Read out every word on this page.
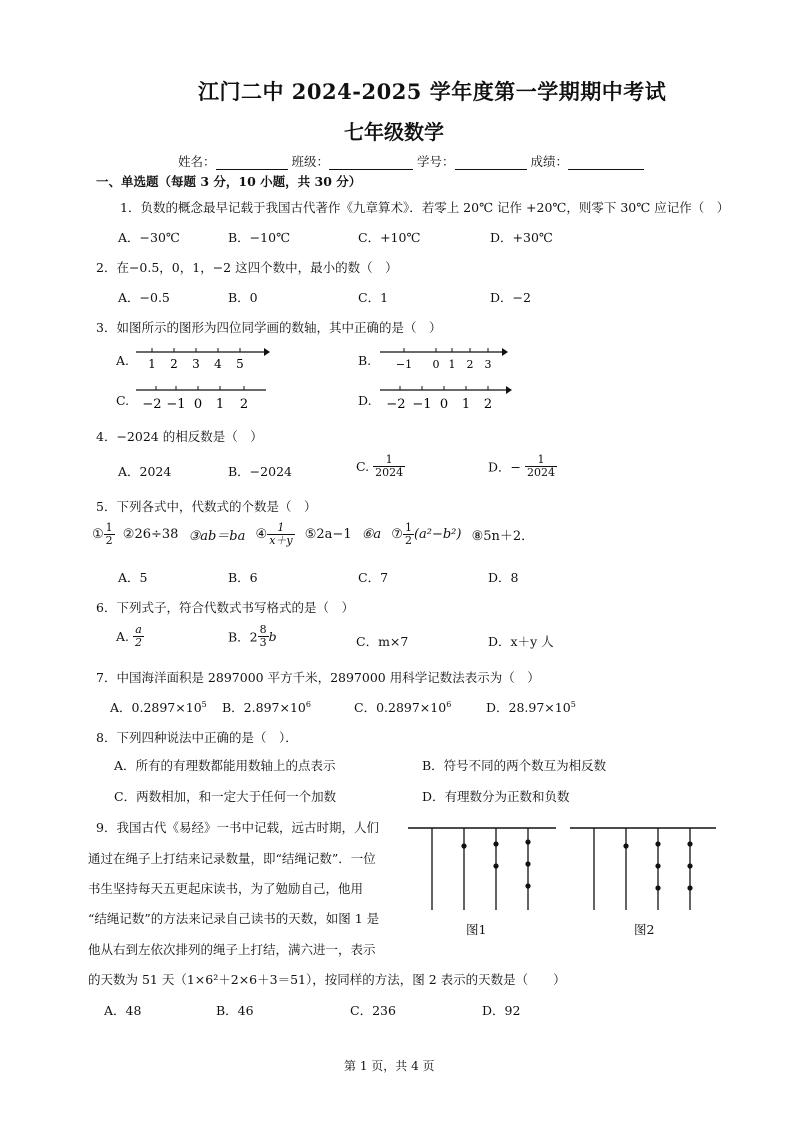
江门二中 2024-2025 学年度第一学期期中考试
七年级数学
姓名：	班级：	学号：	成绩：
一、单选题（每题 3 分，10 小题，共 30 分）
1．负数的概念最早记载于我国古代著作《九章算术》．若零上 20℃ 记作 +20℃，则零下 30℃ 应记作（　）
A．−30℃	B．−10℃	C．+10℃	D．+30℃
2．在−0.5，0，1，−2 这四个数中，最小的数（　）
A．−0.5	B．0	C．1	D．−2
3．如图所示的图形为四位同学画的数轴，其中正确的是（　）
A. 1 2 3 4 5	B. −1 0 1 2 3
C. −2 −1 0 1 2	D. −2 −1 0 1 2
4．−2024 的相反数是（　）
A．2024	B．−2024	C. $\frac{1}{2024}$	D．− $\frac{1}{2024}$
5．下列各式中，代数式的个数是（　）
① $\frac{1}{2}$ ②26÷38 ③ab＝ba ④ $\frac{1}{x+y}$ ⑤2a−1 ⑥a ⑦ $\frac{1}{2} (a^2-b^2)$ ⑧5n＋2．
A．5	B．6	C．7	D．8
6．下列式子，符合代数式书写格式的是（　）
A. $\frac{a}{2}$	B．$2 \frac{8}{3}$ b	C．m×7	D．x＋y 人
7．中国海洋面积是 2897000 平方千米，2897000 用科学记数法表示为（　）
A．$0.2897\times 10^5$ B．$2.897\times 10^6$	C．$0.2897\times 10^6$	D．$28.97\times 10^5$
8．下列四种说法中正确的是（　）．
A．所有的有理数都能用数轴上的点表示	B．符号不同的两个数互为相反数
C．两数相加，和一定大于任何一个加数	D．有理数分为正数和负数
9．我国古代《易经》一书中记载，远古时期，人们
通过在绳子上打结来记录数量，即“结绳记数”．一位
书生坚持每天五更起床读书，为了勉励自己，他用
“结绳记数”的方法来记录自己读书的天数，如图 1 是
他从右到左依次排列的绳子上打结，满六进一，表示
的天数为 51 天（1×6²＋2×6＋3＝51），按同样的方法，图 2 表示的天数是（　　）
图1	图2
A．48	B．46	C．236	D．92
第 1 页，共 4 页
